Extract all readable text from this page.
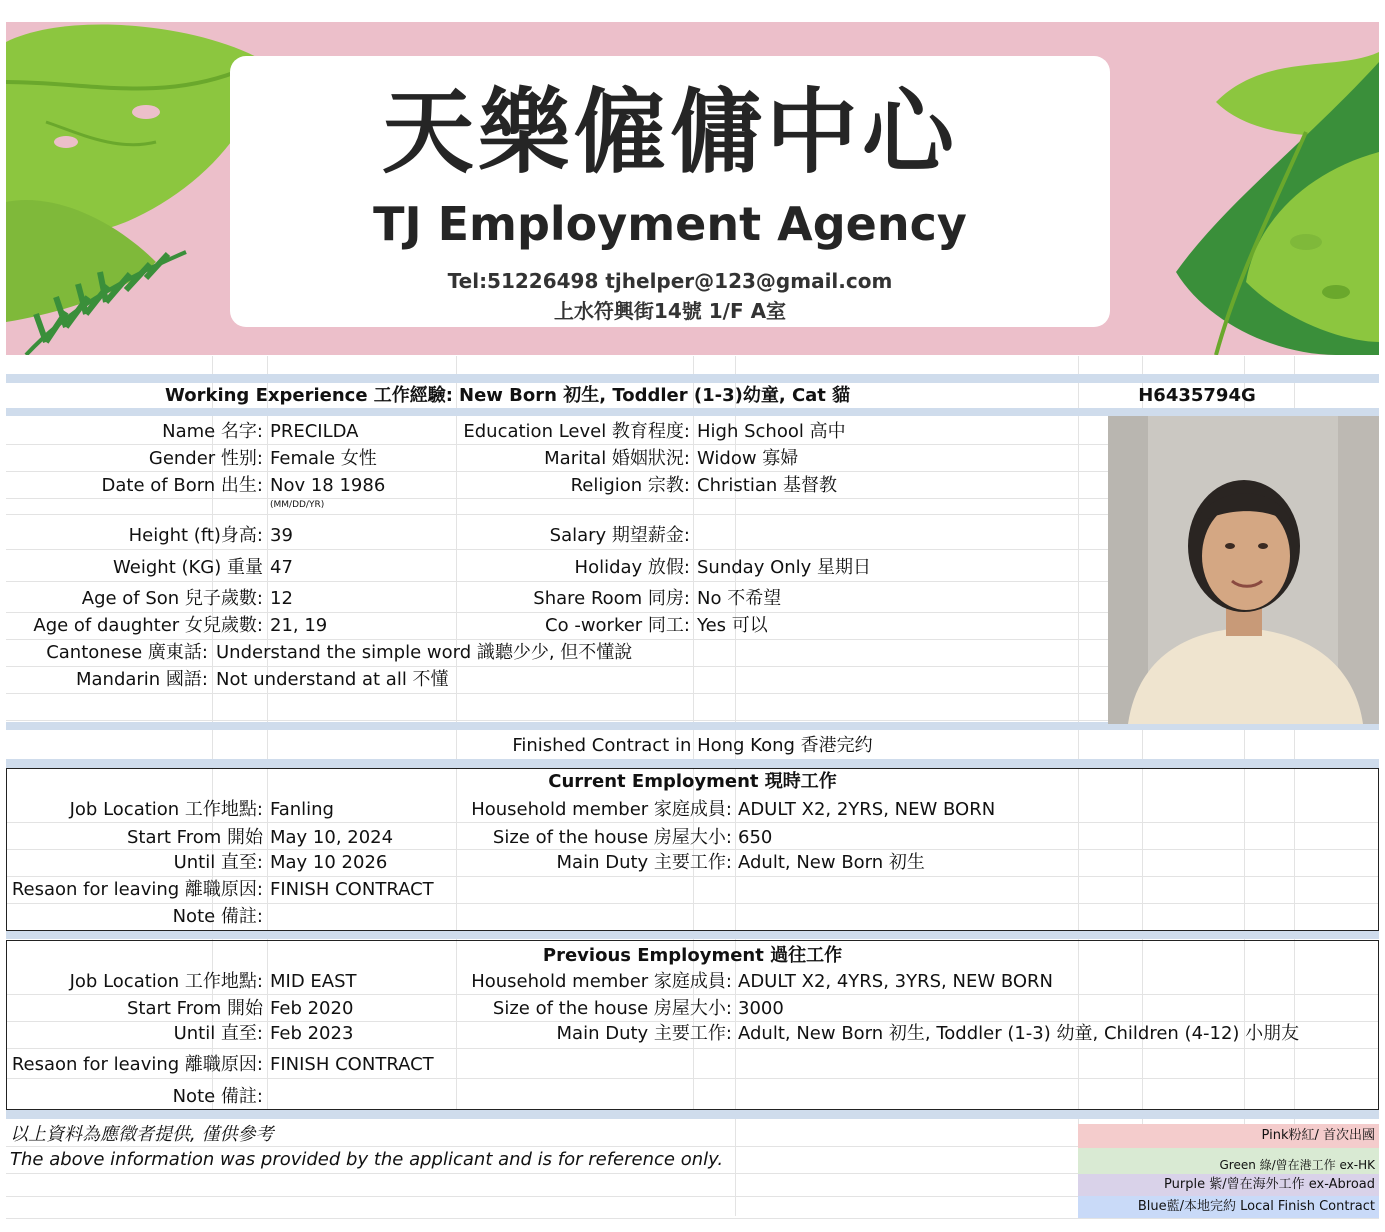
天樂僱傭中心
TJ Employment Agency
Tel:51226498 tjhelper@123@gmail.com
上水符興街14號 1/F A室
Working Experience 工作經驗: New Born 初生, Toddler (1-3)幼童, Cat 貓	H6435794G
Name 名字: PRECILDA
Gender 性别: Female 女性
Date of Born 出生: Nov 18 1986
(MM/DD/YR)
Height (ft)身高: 39
Weight (KG) 重量 47
Age of Son 兒子歲數: 12
Age of daughter 女兒歲數: 21, 19
Cantonese 廣東話: Understand the simple word 識聽少少, 但不懂說
Mandarin 國語: Not understand at all 不懂
Education Level 教育程度: High School 高中
Marital 婚姻狀況: Widow 寡婦
Religion 宗教: Christian 基督教
Salary 期望薪金:
Holiday 放假: Sunday Only 星期日
Share Room 同房: No 不希望
Co -worker 同工: Yes 可以
Finished Contract in Hong Kong 香港完约
Current Employment 現時工作
Job Location 工作地點: Fanling
Start From 開始 May 10, 2024
Until 直至: May 10 2026
Resaon for leaving 離職原因: FINISH CONTRACT
Note 備註:
Household member 家庭成員: ADULT X2, 2YRS, NEW BORN
Size of the house 房屋大小: 650
Main Duty 主要工作: Adult, New Born 初生
Previous Employment 過往工作
Job Location 工作地點: MID EAST
Start From 開始 Feb 2020
Until 直至: Feb 2023
Resaon for leaving 離職原因: FINISH CONTRACT
Note 備註:
Household member 家庭成員: ADULT X2, 4YRS, 3YRS, NEW BORN
Size of the house 房屋大小: 3000
Main Duty 主要工作: Adult, New Born 初生, Toddler (1-3) 幼童, Children (4-12) 小朋友
以上資料為應徵者提供, 僅供參考
The above information was provided by the applicant and is for reference only.
Pink粉紅/ 首次出國
Green 綠/曾在港工作 ex-HK
Purple 紫/曾在海外工作 ex-Abroad
Blue藍/本地完約 Local Finish Contract
